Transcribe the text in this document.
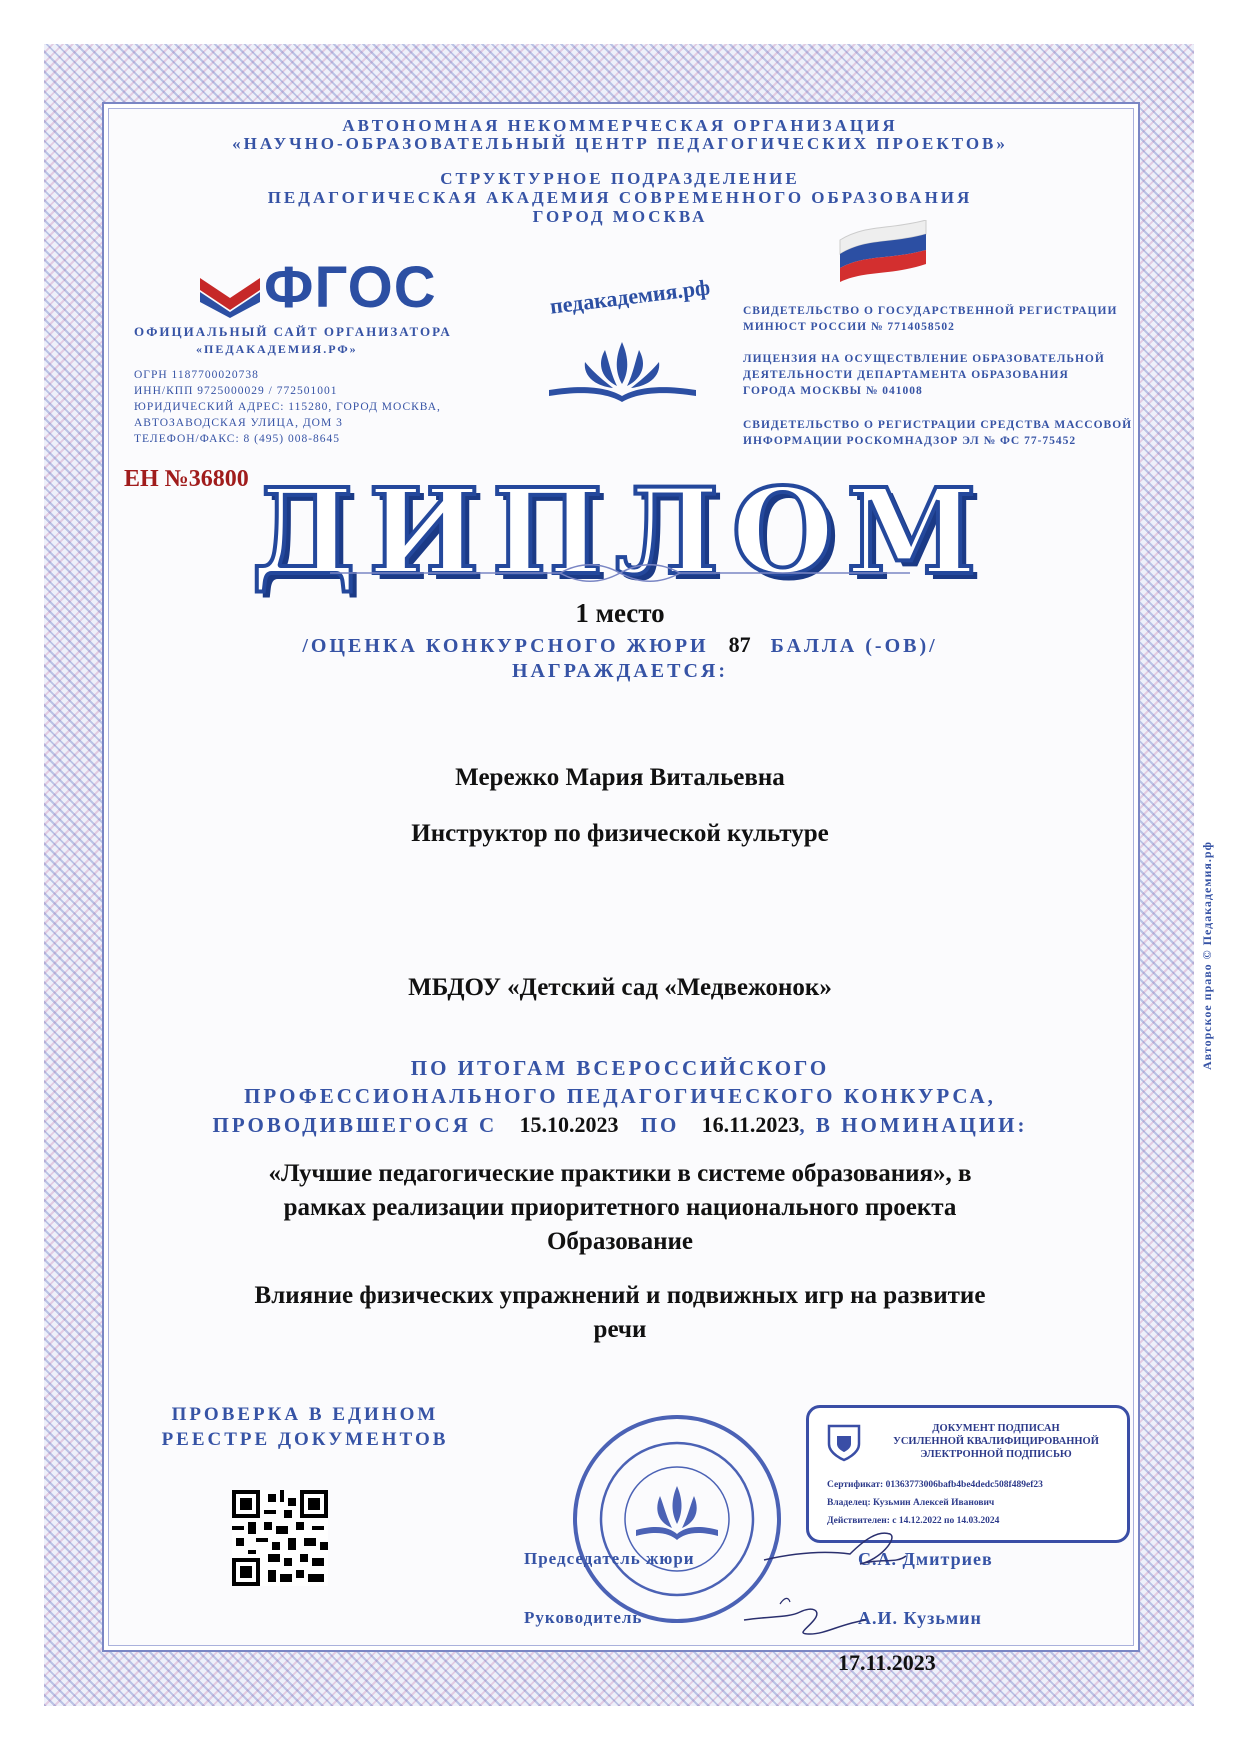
АВТОНОМНАЯ НЕКОММЕРЧЕСКАЯ ОРГАНИЗАЦИЯ
«НАУЧНО-ОБРАЗОВАТЕЛЬНЫЙ ЦЕНТР ПЕДАГОГИЧЕСКИХ ПРОЕКТОВ»
СТРУКТУРНОЕ ПОДРАЗДЕЛЕНИЕ
ПЕДАГОГИЧЕСКАЯ АКАДЕМИЯ СОВРЕМЕННОГО ОБРАЗОВАНИЯ
ГОРОД МОСКВА
ФГОС
ОФИЦИАЛЬНЫЙ САЙТ ОРГАНИЗАТОРА
«ПЕДАКАДЕМИЯ.РФ»
ОГРН 1187700020738
ИНН/КПП 9725000029 / 772501001
ЮРИДИЧЕСКИЙ АДРЕС: 115280, ГОРОД МОСКВА,
АВТОЗАВОДСКАЯ УЛИЦА, ДОМ 3
ТЕЛЕФОН/ФАКС: 8 (495) 008-8645
педакадемия.рф	СВИДЕТЕЛЬСТВО О ГОСУДАРСТВЕННОЙ РЕГИСТРАЦИИ
МИНЮСТ РОССИИ № 7714058502
ЛИЦЕНЗИЯ НА ОСУЩЕСТВЛЕНИЕ ОБРАЗОВАТЕЛЬНОЙ
ДЕЯТЕЛЬНОСТИ ДЕПАРТАМЕНТА ОБРАЗОВАНИЯ
ГОРОДА МОСКВЫ № 041008
СВИДЕТЕЛЬСТВО О РЕГИСТРАЦИИ СРЕДСТВА МАССОВОЙ
ИНФОРМАЦИИ РОСКОМНАДЗОР ЭЛ № ФС 77-75452
ЕН №36800 ДИПЛОМ
1 место
/ОЦЕНКА КОНКУРСНОГО ЖЮРИ 87 БАЛЛА (-ОВ)/
НАГРАЖДАЕТСЯ:
Мережко Мария Витальевна
Инструктор по физической культуре
МБДОУ «Детский сад «Медвежонок»
ПО ИТОГАМ ВСЕРОССИЙСКОГО
ПРОФЕССИОНАЛЬНОГО ПЕДАГОГИЧЕСКОГО КОНКУРСА,
ПРОВОДИВШЕГОСЯ С 15.10.2023 ПО 16.11.2023, В НОМИНАЦИИ:
«Лучшие педагогические практики в системе образования», в
рамках реализации приоритетного национального проекта
Образование
Влияние физических упражнений и подвижных игр на развитие
речи
ПРОВЕРКА В ЕДИНОМ
РЕЕСТРЕ ДОКУМЕНТОВ
ДОКУМЕНТ ПОДПИСАН
УСИЛЕННОЙ КВАЛИФИЦИРОВАННОЙ
ЭЛЕКТРОННОЙ ПОДПИСЬЮ
Сертификат: 01363773006bafb4be4dedc508f489ef23
Владелец: Кузьмин Алексей Иванович
Действителен: с 14.12.2022 по 14.03.2024
Председатель жюри	С.А. Дмитриев
Руководитель	А.И. Кузьмин
17.11.2023
Авторское право © Педакадемия.рф
